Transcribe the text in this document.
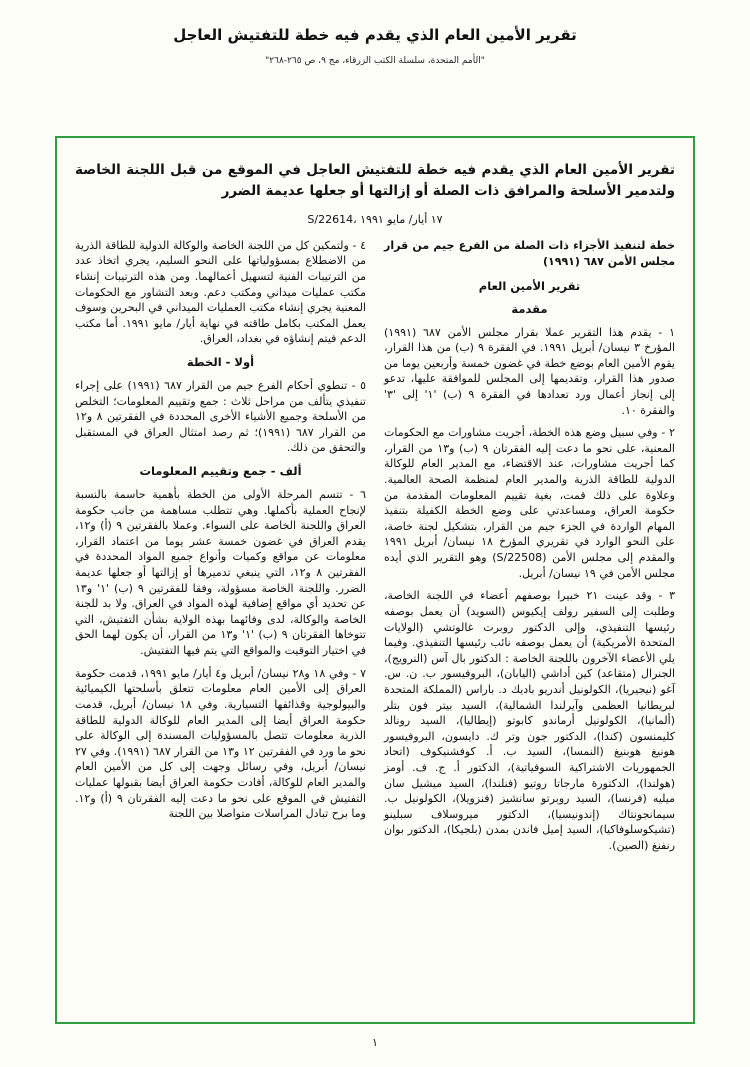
تقرير الأمين العام الذي يقدم فيه خطة للتفتيش العاجل
"الأمم المتحدة، سلسلة الكتب الزرقاء، مج ٩، ص ٢٦٥-٢٦٨"
تقرير الأمين العام الذي يقدم فيه خطة للتفتيش العاجل في الموقع من قبل اللجنة الخاصة ولتدمير الأسلحة والمرافق ذات الصلة أو إزالتها أو جعلها عديمة الضرر
S/22614، ١٧ أيار/ مايو ١٩٩١
خطة لتنفيذ الأجزاء ذات الصلة من الفرع جيم من قرار مجلس الأمن ٦٨٧ (١٩٩١)
تقرير الأمين العام
مقدمة

١ - يقدم هذا التقرير عملا بقرار مجلس الأمن ٦٨٧ (١٩٩١) المؤرخ ٣ نيسان/ أبريل ١٩٩١. في الفقرة ٩ (ب) من هذا القرار، يقوم الأمين العام بوضع خطة في غضون خمسة وأربعين يوما من صدور هذا القرار، وتقديمها إلى المجلس للموافقة عليها، تدعو إلى إنجاز أعمال ورد تعدادها في الفقرة ٩ (ب) '١' إلى '٣' والفقرة ١٠.

٢ - وفي سبيل وضع هذه الخطة، أجريت مشاورات مع الحكومات المعنية، على نحو ما دعت إليه الفقرتان ٩ (ب) و١٣ من القرار، كما أجريت مشاورات، عند الاقتضاء، مع المدير العام للوكالة الدولية للطاقة الذرية والمدير العام لمنظمة الصحة العالمية. وعلاوة على ذلك قمت، بغية تقييم المعلومات المقدمة من حكومة العراق، ومساعدتي على وضع الخطة الكفيلة بتنفيذ المهام الواردة في الجزء جيم من القرار، بتشكيل لجنة خاصة، على النحو الوارد في تقريري المؤرخ ١٨ نيسان/ أبريل ١٩٩١ والمقدم إلى مجلس الأمن (S/22508) وهو التقرير الذي أيده مجلس الأمن في ١٩ نيسان/ أبريل.

٣ - وقد عينت ٢١ خبيرا بوصفهم أعضاء في اللجنة الخاصة، وطلبت إلى السفير رولف إيكيوس (السويد) أن يعمل بوصفه رئيسها التنفيذي، وإلى الدكتور روبرت غالوتشي (الولايات المتحدة الأمريكية) أن يعمل بوصفه نائب رئيسها التنفيذي. وفيما يلي الأعضاء الآخرون باللجنة الخاصة : الدكتور بال آس (النرويج)، الجنرال (متقاعد) كين أداشي (اليابان)، البروفيسور ب. ن. س. آغو (نيجيريا)، الكولونيل أندريو باديك د. باراس (المملكة المتحدة لبريطانيا العظمى وآيرلندا الشمالية)، السيد بيتر فون بتلر (ألمانيا)، الكولونيل أرماندو كابوتو (إيطاليا)، السيد رونالد كليمنسون (كندا)، الدكتور جون وتر ك. دايسون، البروفيسور هونيغ هوبنيغ (النمسا)، السيد ب. أ. كوفشنيكوف (اتحاد الجمهوريات الاشتراكية السوفياتية)، الدكتور أ. ج. ف. أومز (هولندا)، الدكتورة مارجاتا روتيو (فنلندا)، السيد ميشيل سان ميليه (فرنسا)، السيد روبرتو سانشيز (فنزويلا)، الكولونيل ب. سيمانجونتاك (إندونيسيا)، الدكتور ميروسلاف سبلينو (تشيكوسلوفاكيا)، السيد إميل فاندن بمدن (بلجيكا)، الدكتور بوان رنفنغ (الصين).

٤ - ولتمكين كل من اللجنة الخاصة والوكالة الدولية للطاقة الذرية من الاضطلاع بمسؤولياتها على النحو السليم، يجري اتخاذ عدد من الترتيبات الفنية لتسهيل أعمالهما. ومن هذه الترتيبات إنشاء مكتب عمليات ميداني ومكتب دعم. وبعد التشاور مع الحكومات المعنية يجري إنشاء مكتب العمليات الميداني في البحرين وسوف يعمل المكتب بكامل طاقته في نهاية أيار/ مايو ١٩٩١. أما مكتب الدعم فيتم إنشاؤه في بغداد، العراق.

أولا - الخطة

٥ - تنطوي أحكام الفرع جيم من القرار ٦٨٧ (١٩٩١) على إجراء تنفيذي يتألف من مراحل ثلاث : جمع وتقييم المعلومات؛ التخلص من الأسلحة وجميع الأشياء الأخرى المحددة في الفقرتين ٨ و١٢ من القرار ٦٨٧ (١٩٩١)؛ ثم رصد امتثال العراق في المستقبل والتحقق من ذلك.

ألف - جمع وتقييم المعلومات

٦ - تتسم المرحلة الأولى من الخطة بأهمية حاسمة بالنسبة لإنجاح العملية بأكملها. وهي تتطلب مساهمة من جانب حكومة العراق واللجنة الخاصة على السواء. وعملا بالفقرتين ٩ (أ) و١٢، يقدم العراق في غضون خمسة عشر يوما من اعتماد القرار، معلومات عن مواقع وكميات وأنواع جميع المواد المحددة في الفقرتين ٨ و١٢، التي ينبغي تدميرها أو إزالتها أو جعلها عديمة الضرر. واللجنة الخاصة مسؤولة، وفقا للفقرتين ٩ (ب) '١' و١٣ عن تحديد أي مواقع إضافية لهذه المواد في العراق. ولا بد للجنة الخاصة والوكالة، لدى وفائهما بهذه الولاية بشأن التفتيش، التي تتوخاها الفقرتان ٩ (ب) '١' و١٣ من القرار، أن يكون لهما الحق في اختيار التوقيت والمواقع التي يتم فيها التفتيش.

٧ - وفي ١٨ و٢٨ نيسان/ أبريل و٤ أيار/ مايو ١٩٩١، قدمت حكومة العراق إلى الأمين العام معلومات تتعلق بأسلحتها الكيميائية والبيولوجية وقذائفها التسيارية. وفي ١٨ نيسان/ أبريل، قدمت حكومة العراق أيضا إلى المدير العام للوكالة الدولية للطاقة الذرية معلومات تتصل بالمسؤوليات المسندة إلى الوكالة على نحو ما ورد في الفقرتين ١٢ و١٣ من القرار ٦٨٧ (١٩٩١). وفي ٢٧ نيسان/ أبريل، وفي رسائل وجهت إلى كل من الأمين العام والمدير العام للوكالة، أفادت حكومة العراق أيضا بقبولها عمليات التفتيش في الموقع على نحو ما دعت إليه الفقرتان ٩ (أ) و١٢. وما برح تبادل المراسلات متواصلا بين اللجنة

١
